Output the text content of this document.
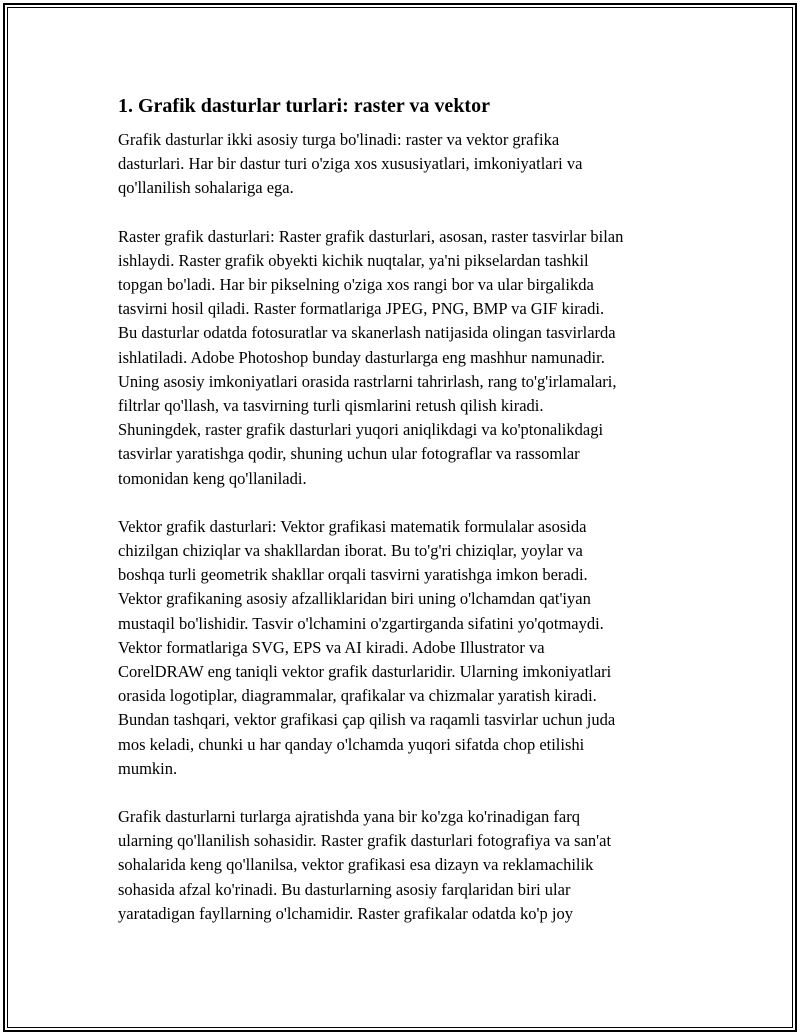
1. Grafik dasturlar turlari: raster va vektor

Grafik dasturlar ikki asosiy turga bo'linadi: raster va vektor grafika
dasturlari. Har bir dastur turi o'ziga xos xususiyatlari, imkoniyatlari va
qo'llanilish sohalariga ega.

Raster grafik dasturlari: Raster grafik dasturlari, asosan, raster tasvirlar bilan
ishlaydi. Raster grafik obyekti kichik nuqtalar, ya'ni pikselardan tashkil
topgan bo'ladi. Har bir pikselning o'ziga xos rangi bor va ular birgalikda
tasvirni hosil qiladi. Raster formatlariga JPEG, PNG, BMP va GIF kiradi.
Bu dasturlar odatda fotosuratlar va skanerlash natijasida olingan tasvirlarda
ishlatiladi. Adobe Photoshop bunday dasturlarga eng mashhur namunadir.
Uning asosiy imkoniyatlari orasida rastrlarni tahrirlash, rang to'g'irlamalari,
filtrlar qo'llash, va tasvirning turli qismlarini retush qilish kiradi.
Shuningdek, raster grafik dasturlari yuqori aniqlikdagi va ko'ptonalikdagi
tasvirlar yaratishga qodir, shuning uchun ular fotograflar va rassomlar
tomonidan keng qo'llaniladi.

Vektor grafik dasturlari: Vektor grafikasi matematik formulalar asosida
chizilgan chiziqlar va shakllardan iborat. Bu to'g'ri chiziqlar, yoylar va
boshqa turli geometrik shakllar orqali tasvirni yaratishga imkon beradi.
Vektor grafikaning asosiy afzalliklaridan biri uning o'lchamdan qat'iyan
mustaqil bo'lishidir. Tasvir o'lchamini o'zgartirganda sifatini yo'qotmaydi.
Vektor formatlariga SVG, EPS va AI kiradi. Adobe Illustrator va
CorelDRAW eng taniqli vektor grafik dasturlaridir. Ularning imkoniyatlari
orasida logotiplar, diagrammalar, qrafikalar va chizmalar yaratish kiradi.
Bundan tashqari, vektor grafikasi çap qilish va raqamli tasvirlar uchun juda
mos keladi, chunki u har qanday o'lchamda yuqori sifatda chop etilishi
mumkin.

Grafik dasturlarni turlarga ajratishda yana bir ko'zga ko'rinadigan farq
ularning qo'llanilish sohasidir. Raster grafik dasturlari fotografiya va san'at
sohalarida keng qo'llanilsa, vektor grafikasi esa dizayn va reklamachilik
sohasida afzal ko'rinadi. Bu dasturlarning asosiy farqlaridan biri ular
yaratadigan fayllarning o'lchamidir. Raster grafikalar odatda ko'p joy
